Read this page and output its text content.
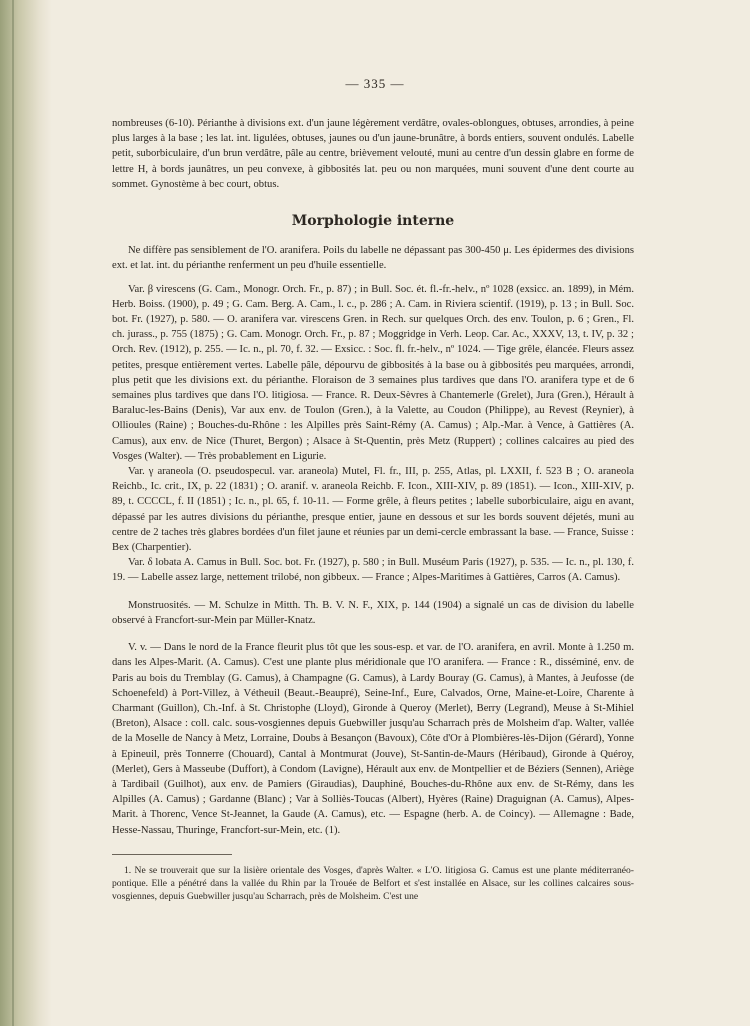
— 335 —

nombreuses (6-10). Périanthe à divisions ext. d'un jaune légèrement verdâtre, ovales-oblongues, obtuses, arrondies, à peine plus larges à la base ; les lat. int. ligulées, obtuses, jaunes ou d'un jaune-brunâtre, à bords entiers, souvent ondulés. Labelle petit, suborbiculaire, d'un brun verdâtre, pâle au centre, brièvement velouté, muni au centre d'un dessin glabre en forme de lettre H, à bords jaunâtres, un peu convexe, à gibbosités lat. peu ou non marquées, muni souvent d'une dent courte au sommet. Gynostème à bec court, obtus.

Morphologie interne

Ne diffère pas sensiblement de l'O. aranifera. Poils du labelle ne dépassant pas 300-450 μ. Les épidermes des divisions ext. et lat. int. du périanthe renferment un peu d'huile essentielle.

Var. β virescens (G. Cam., Monogr. Orch. Fr., p. 87) ; in Bull. Soc. ét. fl.-fr.-helv., nº 1028 (exsicc. an. 1899), in Mém. Herb. Boiss. (1900), p. 49 ; G. Cam. Berg. A. Cam., l. c., p. 286 ; A. Cam. in Riviera scientif. (1919), p. 13 ; in Bull. Soc. bot. Fr. (1927), p. 580. — O. aranifera var. virescens Gren. in Rech. sur quelques Orch. des env. Toulon, p. 6 ; Gren., Fl. ch. jurass., p. 755 (1875) ; G. Cam. Monogr. Orch. Fr., p. 87 ; Moggridge in Verh. Leop. Car. Ac., XXXV, 13, t. IV, p. 32 ; Orch. Rev. (1912), p. 255. — Ic. n., pl. 70, f. 32. — Exsicc. : Soc. fl. fr.-helv., nº 1024. — Tige grêle, élancée. Fleurs assez petites, presque entièrement vertes. Labelle pâle, dépourvu de gibbosités à la base ou à gibbosités peu marquées, arrondi, plus petit que les divisions ext. du périanthe. Floraison de 3 semaines plus tardives que dans l'O. aranifera type et de 6 semaines plus tardives que dans l'O. litigiosa. — France. R. Deux-Sèvres à Chantemerle (Grelet), Jura (Gren.), Hérault à Baraluc-les-Bains (Denis), Var aux env. de Toulon (Gren.), à la Valette, au Coudon (Philippe), au Revest (Reynier), à Ollioules (Raine) ; Bouches-du-Rhône : les Alpilles près Saint-Rémy (A. Camus) ; Alp.-Mar. à Vence, à Gattières (A. Camus), aux env. de Nice (Thuret, Bergon) ; Alsace à St-Quentin, près Metz (Ruppert) ; collines calcaires au pied des Vosges (Walter). — Très probablement en Ligurie.

Var. γ araneola (O. pseudospecul. var. araneola) Mutel, Fl. fr., III, p. 255, Atlas, pl. LXXII, f. 523 B ; O. araneola Reichb., Ic. crit., IX, p. 22 (1831) ; O. aranif. v. araneola Reichb. F. Icon., XIII-XIV, p. 89 (1851). — Icon., XIII-XIV, p. 89, t. CCCCL, f. II (1851) ; Ic. n., pl. 65, f. 10-11. — Forme grêle, à fleurs petites ; labelle suborbiculaire, aigu en avant, dépassé par les autres divisions du périanthe, presque entier, jaune en dessous et sur les bords souvent déjetés, muni au centre de 2 taches très glabres bordées d'un filet jaune et réunies par un demi-cercle embrassant la base. — France, Suisse : Bex (Charpentier).

Var. δ lobata A. Camus in Bull. Soc. bot. Fr. (1927), p. 580 ; in Bull. Muséum Paris (1927), p. 535. — Ic. n., pl. 130, f. 19. — Labelle assez large, nettement trilobé, non gibbeux. — France ; Alpes-Maritimes à Gattières, Carros (A. Camus).

Monstruosités. — M. Schulze in Mitth. Th. B. V. N. F., XIX, p. 144 (1904) a signalé un cas de division du labelle observé à Francfort-sur-Mein par Müller-Knatz.

V. v. — Dans le nord de la France fleurit plus tôt que les sous-esp. et var. de l'O. aranifera, en avril. Monte à 1.250 m. dans les Alpes-Marit. (A. Camus). C'est une plante plus méridionale que l'O aranifera. — France : R., disséminé, env. de Paris au bois du Tremblay (G. Camus), à Champagne (G. Camus), à Lardy Bouray (G. Camus), à Mantes, à Jeufosse (de Schoenefeld) à Port-Villez, à Vétheuil (Beaut.-Beaupré), Seine-Inf., Eure, Calvados, Orne, Maine-et-Loire, Charente à Charmant (Guillon), Ch.-Inf. à St. Christophe (Lloyd), Gironde à Queroy (Merlet), Berry (Legrand), Meuse à St-Mihiel (Breton), Alsace : coll. calc. sous-vosgiennes depuis Guebwiller jusqu'au Scharrach près de Molsheim d'ap. Walter, vallée de la Moselle de Nancy à Metz, Lorraine, Doubs à Besançon (Bavoux), Côte d'Or à Plombières-lès-Dijon (Gérard), Yonne à Epineuil, près Tonnerre (Chouard), Cantal à Montmurat (Jouve), St-Santin-de-Maurs (Héribaud), Gironde à Quéroy, (Merlet), Gers à Masseube (Duffort), à Condom (Lavigne), Hérault aux env. de Montpellier et de Béziers (Sennen), Ariège à Tardibail (Guilhot), aux env. de Pamiers (Giraudias), Dauphiné, Bouches-du-Rhône aux env. de St-Rémy, dans les Alpilles (A. Camus) ; Gardanne (Blanc) ; Var à Solliès-Toucas (Albert), Hyères (Raine) Draguignan (A. Camus), Alpes-Marit. à Thorenc, Vence St-Jeannet, la Gaude (A. Camus), etc. — Espagne (herb. A. de Coincy). — Allemagne : Bade, Hesse-Nassau, Thuringe, Francfort-sur-Mein, etc. (1).

1. Ne se trouverait que sur la lisière orientale des Vosges, d'après Walter. « L'O. litigiosa G. Camus est une plante méditerranéo-pontique. Elle a pénétré dans la vallée du Rhin par la Trouée de Belfort et s'est installée en Alsace, sur les collines calcaires sous-vosgiennes, depuis Guebwiller jusqu'au Scharrach, près de Molsheim. C'est une
